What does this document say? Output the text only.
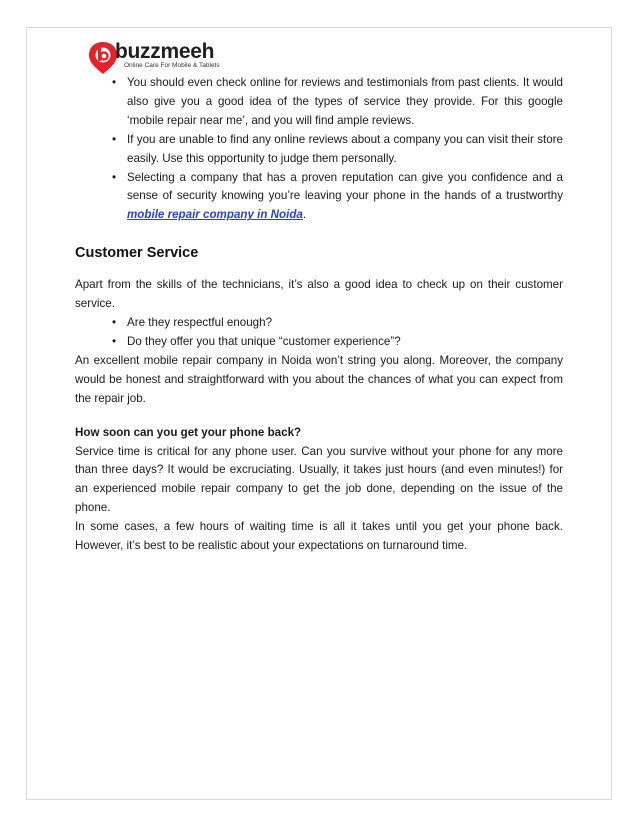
buzzmeeh
Online Care For Mobile & Tablets
• You should even check online for reviews and testimonials from past clients. It would also give you a good idea of the types of service they provide. For this google ‘mobile repair near me’, and you will find ample reviews.
• If you are unable to find any online reviews about a company you can visit their store easily. Use this opportunity to judge them personally.
• Selecting a company that has a proven reputation can give you confidence and a sense of security knowing you’re leaving your phone in the hands of a trustworthy mobile repair company in Noida.
Customer Service

Apart from the skills of the technicians, it’s also a good idea to check up on their customer service.

• Are they respectful enough?
• Do they offer you that unique “customer experience”?

An excellent mobile repair company in Noida won’t string you along. Moreover, the company would be honest and straightforward with you about the chances of what you can expect from the repair job.

How soon can you get your phone back?

Service time is critical for any phone user. Can you survive without your phone for any more than three days? It would be excruciating. Usually, it takes just hours (and even minutes!) for an experienced mobile repair company to get the job done, depending on the issue of the phone.

In some cases, a few hours of waiting time is all it takes until you get your phone back. However, it’s best to be realistic about your expectations on turnaround time.
